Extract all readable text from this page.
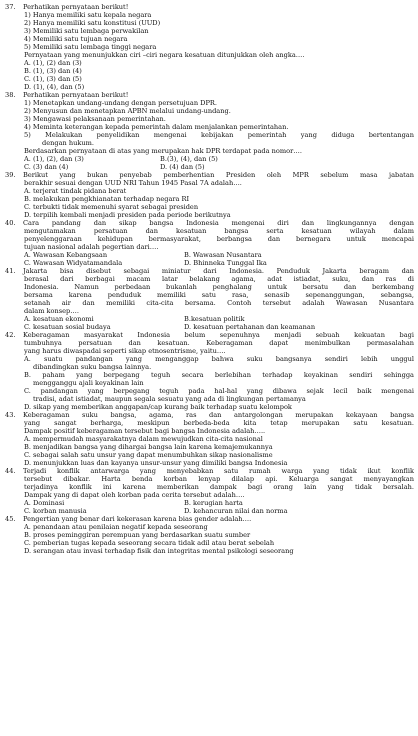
37. Perhatikan pernyataan berikut!
1) Hanya memiliki satu kepala negara
2) Hanya memiliki satu konstitusi (UUD)
3) Memiliki satu lembaga perwakilan
4) Memiliki satu tujuan negara
5) Memiliki satu lembaga tinggi negara
Pernyataan yang menunjukkan ciri –ciri negara kesatuan ditunjukkan oleh angka….
A. (1), (2) dan (3)
B. (1), (3) dan (4)
C. (1), (3) dan (5)
D. (1), (4), dan (5)
38. Perhatikan pernyataan berikut!
1) Menetapkan undang-undang dengan persetujuan DPR.
2) Menyusun dan menetapkan APBN melalui undang-undang.
3) Mengawasi pelaksanaan pemerintahan.
4) Meminta keterangan kepada pemerintah dalam menjalankan pemerintahan.
5) Melakukan penyelidikan mengenai kebijakan pemerintah yang diduga bertentangan
dengan hukum.
Berdasarkan pernyataan di atas yang merupakan hak DPR terdapat pada nomor….
A. (1), (2), dan (3)	B.(3), (4), dan (5)
C. (3) dan (4)	D. (4) dan (5)
39. Berikut yang bukan penyebab pemberhentian Presiden oleh MPR sebelum masa jabatan
berakhir sesuai dengan UUD NRI Tahun 1945 Pasal 7A adalah….
A. terjerat tindak pidana berat
B. melakukan pengkhianatan terhadap negara RI
C. terbukti tidak memenuhi syarat sebagai presiden
D. terpilih kembali menjadi presiden pada periode berikutnya
40. Cara pandang dan sikap bangsa Indonesia mengenai diri dan lingkungannya dengan
mengutamakan persatuan dan kesatuan bangsa serta kesatuan wilayah dalam
penyelenggaraan kehidupan bermasyarakat, berbangsa dan bernegara untuk mencapai
tujuan nasional adalah pegertian dari….
A. Wawasan Kebangsaan	B. Wawasan Nusantara
C. Wawasan Widyatamandala	D. Bhinneka Tunggal Ika
41. Jakarta bisa disebut sebagai miniatur dari Indonesia. Penduduk Jakarta beragam dan
berasal dari berbagai macam latar belakang agama, adat istiadat, suku, dan ras di
Indonesia. Namun perbedaan bukanlah penghalang untuk bersatu dan berkembang
bersama karena penduduk memiliki satu rasa, senasib sepenanggungan, sebangsa,
setanah air dan memiliki cita-cita bersama. Contoh tersebut adalah Wawasan Nusantara
dalam konsep….
A. kesatuan ekonomi	B.kesatuan politik
C. kesatuan sosial budaya	D. kesatuan pertahanan dan keamanan
42. Keberagaman masyarakat Indonesia belum sepenuhnya menjadi sebuah kekuatan bagi
tumbuhnya persatuan dan kesatuan. Keberagaman dapat menimbulkan permasalahan
yang harus diwaspadai seperti sikap etnosentrisme, yaitu….
A. suatu pandangan yang menganggap bahwa suku bangsanya sendiri lebih unggul
dibandingkan suku bangsa lainnya.
B. paham yang berpegang teguh secara berlebihan terhadap keyakinan sendiri sehingga
mengganggu ajali keyakinan lain
C. pandangan yang berpegang teguh pada hal-hal yang dibawa sejak lecil baik mengenai
tradisi, adat istiadat, maupun segala sesuatu yang ada di lingkungan pertamanya
D. sikap yang memberikan anggapan/cap kurang baik terhadap suatu kelompok
43. Keberagaman suku bangsa, agama, ras dan antargolongan merupakan kekayaan bangsa
yang sangat berharga, meskipun berbeda-beda kita tetap merupakan satu kesatuan.
Dampak positif keberagaman tersebut bagi bangsa Indonesia adalah…..
A. mempermudah masyarakatnya dalam mewujudkan cita-cita nasional
B. menjadikan bangsa yang dihargai bangsa lain karena kemajemukannya
C. sebagai salah satu unsur yang dapat menumbuhkan sikap nasionalisme
D. menunjukkan luas dan kayanya unsur-unsur yang dimiliki bangsa Indonesia
44. Terjadi konflik antarwarga yang menyebabkan satu rumah warga yang tidak ikut konflik
tersebut dibakar. Harta benda korban lenyap dilalap api. Keluarga sangat menyayangkan
terjadinya konflik ini karena memberikan dampak bagi orang lain yang tidak bersalah.
Dampak yang di dapat oleh korban pada cerita tersebut adalah….
A. Dominasi	B. kerugian harta
C. korban manusia	D. kehancuran nilai dan norma
45. Pengertian yang benar dari kekerasan karena bias gender adalah….
A. penandaan atau penilaian negatif kepada seseorang
B. proses peminggiran perempuan yang berdasarkan suatu sumber
C. pemberian tugas kepada seseorang secara tidak adil atau berat sebelah
D. serangan atau invasi terhadap fisik dan integritas mental psikologi seseorang
